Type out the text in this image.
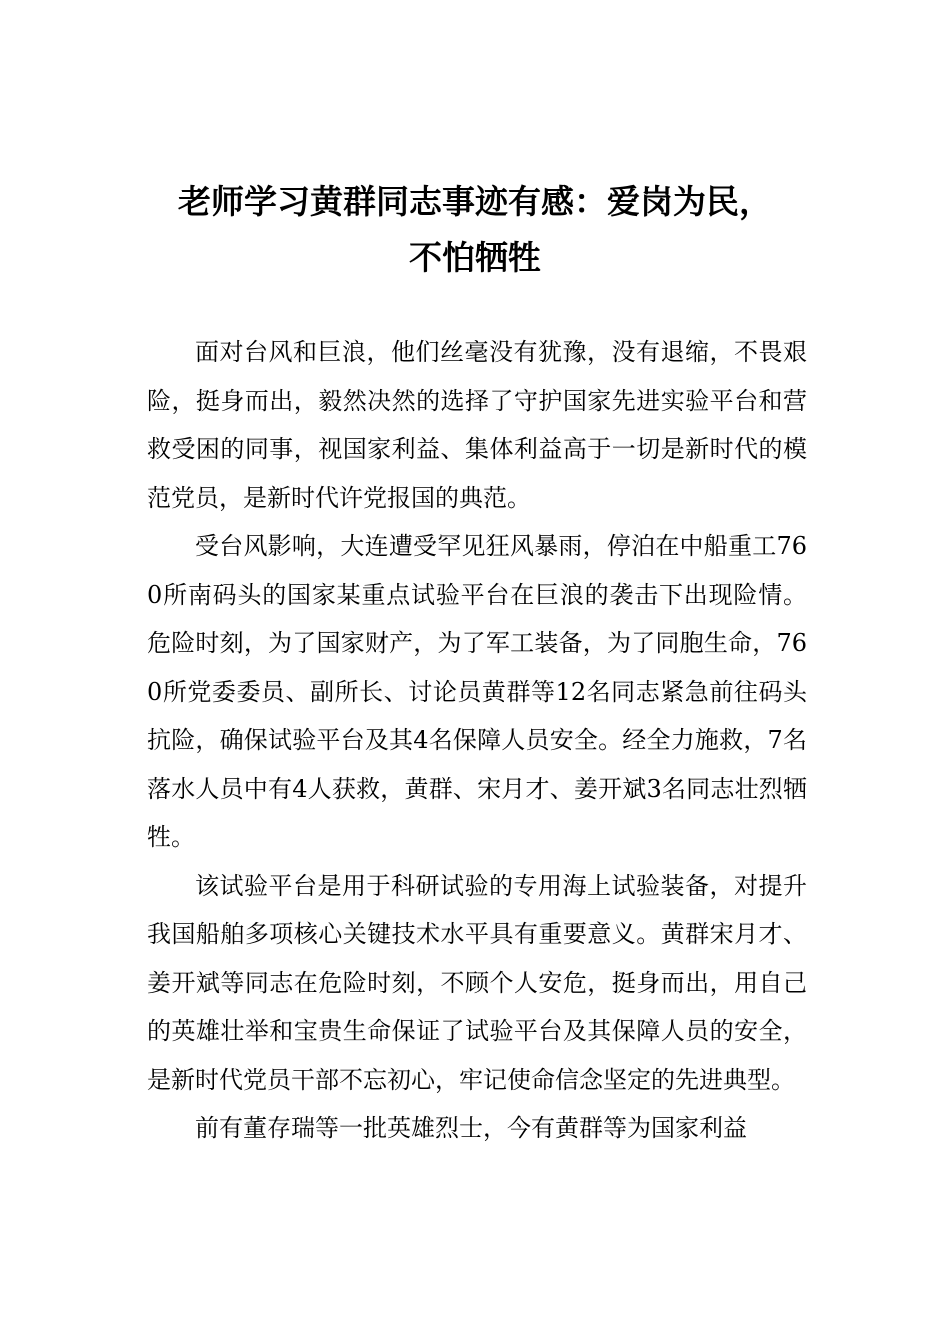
老师学习黄群同志事迹有感：爱岗为民，
不怕牺牲

面对台风和巨浪，他们丝毫没有犹豫，没有退缩，不畏艰险，挺身而出，毅然决然的选择了守护国家先进实验平台和营救受困的同事，视国家利益、集体利益高于一切是新时代的模范党员，是新时代许党报国的典范。

受台风影响，大连遭受罕见狂风暴雨，停泊在中船重工760所南码头的国家某重点试验平台在巨浪的袭击下出现险情。危险时刻，为了国家财产，为了军工装备，为了同胞生命，760所党委委员、副所长、讨论员黄群等12名同志紧急前往码头抗险，确保试验平台及其4名保障人员安全。经全力施救，7名落水人员中有4人获救，黄群、宋月才、姜开斌3名同志壮烈牺牲。

该试验平台是用于科研试验的专用海上试验装备，对提升我国船舶多项核心关键技术水平具有重要意义。黄群宋月才、姜开斌等同志在危险时刻，不顾个人安危，挺身而出，用自己的英雄壮举和宝贵生命保证了试验平台及其保障人员的安全，是新时代党员干部不忘初心，牢记使命信念坚定的先进典型。

前有董存瑞等一批英雄烈士，今有黄群等为国家利益
